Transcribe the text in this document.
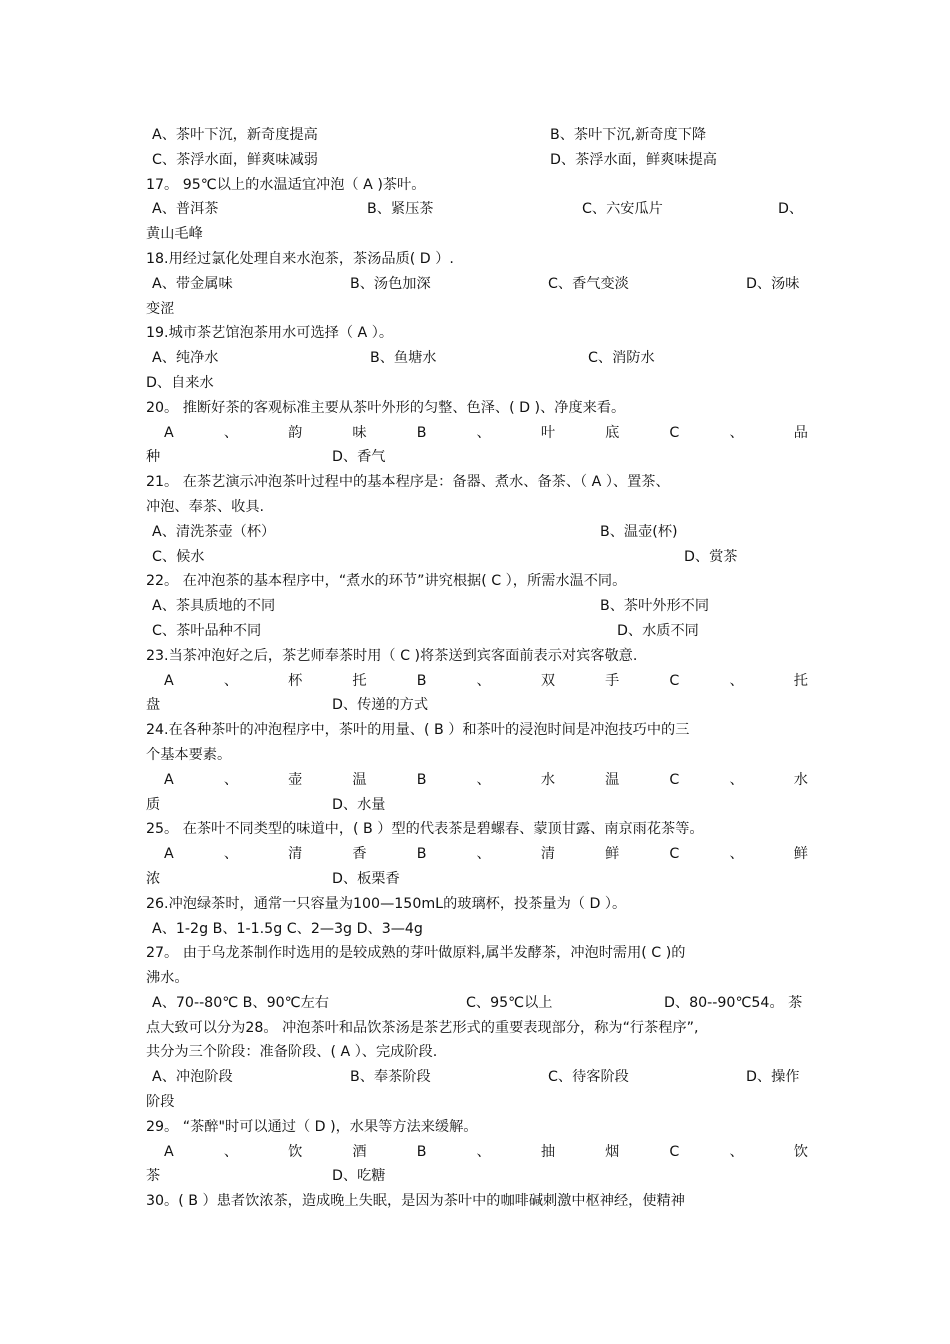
A、茶叶下沉，新奇度提高	B、茶叶下沉,新奇度下降
C、茶浮水面，鲜爽味减弱	D、茶浮水面，鲜爽味提高
17。 95℃以上的水温适宜冲泡（ A )茶叶。
A、普洱茶	B、紧压茶	C、六安瓜片	D、
黄山毛峰
18.用经过氯化处理自来水泡茶，茶汤品质( D ）.
A、带金属味	B、汤色加深	C、香气变淡	D、汤味
变涩
19.城市茶艺馆泡茶用水可选择（ A ）。
A、纯净水	B、鱼塘水	C、消防水
D、自来水
20。 推断好茶的客观标准主要从茶叶外形的匀整、色泽、( D )、净度来看。
A	、	韵	味	B	、	叶	底	C	、	品
种	D、香气
21。 在茶艺演示冲泡茶叶过程中的基本程序是：备器、煮水、备茶、（ A ）、置茶、
冲泡、奉茶、收具.
A、清洗茶壶（杯）	B、温壶(杯)
C、候水	D、赏茶
22。 在冲泡茶的基本程序中，“煮水的环节”讲究根据( C ），所需水温不同。
A、茶具质地的不同	B、茶叶外形不同
C、茶叶品种不同	D、水质不同
23.当茶冲泡好之后，茶艺师奉茶时用（ C )将茶送到宾客面前表示对宾客敬意.
A	、	杯	托	B	、	双	手	C	、	托
盘	D、传递的方式
24.在各种茶叶的冲泡程序中，茶叶的用量、( B ）和茶叶的浸泡时间是冲泡技巧中的三
个基本要素。
A	、	壶	温	B	、	水	温	C	、	水
质	D、水量
25。 在茶叶不同类型的味道中，( B ）型的代表茶是碧螺春、蒙顶甘露、南京雨花茶等。
A	、	清	香	B	、	清	鲜	C	、	鲜
浓	D、板栗香
26.冲泡绿茶时，通常一只容量为100—150mL的玻璃杯，投茶量为（ D ）。
A、1-2g B、1-1.5g C、2—3g D、3—4g
27。 由于乌龙茶制作时选用的是较成熟的芽叶做原料,属半发酵茶，冲泡时需用( C )的
沸水。
A、70--80℃ B、90℃左右	C、95℃以上	D、80--90℃54。 茶
点大致可以分为28。 冲泡茶叶和品饮茶汤是茶艺形式的重要表现部分，称为“行茶程序”,
共分为三个阶段：准备阶段、( A ）、完成阶段.
A、冲泡阶段	B、奉茶阶段	C、待客阶段	D、操作
阶段
29。 “茶醉"时可以通过（ D )，水果等方法来缓解。
A	、	饮	酒	B	、	抽	烟	C	、	饮
茶	D、吃糖
30。( B ）患者饮浓茶，造成晚上失眠，是因为茶叶中的咖啡碱刺激中枢神经，使精神
